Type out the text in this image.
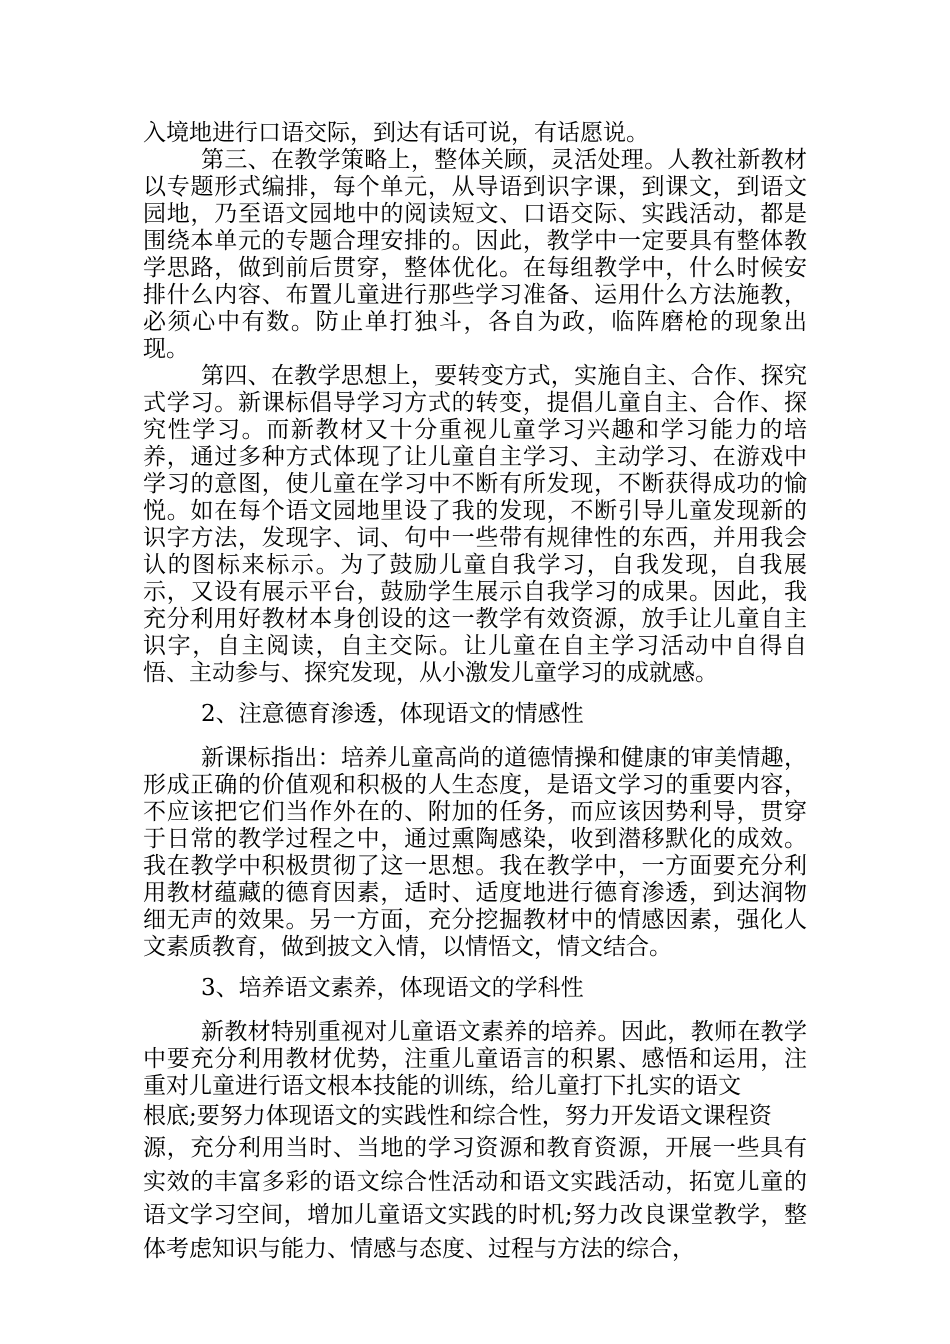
入境地进行口语交际，到达有话可说，有话愿说。

第三、在教学策略上，整体关顾，灵活处理。人教社新教材以专题形式编排，每个单元，从导语到识字课，到课文，到语文园地，乃至语文园地中的阅读短文、口语交际、实践活动，都是围绕本单元的专题合理安排的。因此，教学中一定要具有整体教学思路，做到前后贯穿，整体优化。在每组教学中，什么时候安排什么内容、布置儿童进行那些学习准备、运用什么方法施教，必须心中有数。防止单打独斗，各自为政，临阵磨枪的现象出现。

第四、在教学思想上，要转变方式，实施自主、合作、探究式学习。新课标倡导学习方式的转变，提倡儿童自主、合作、探究性学习。而新教材又十分重视儿童学习兴趣和学习能力的培养，通过多种方式体现了让儿童自主学习、主动学习、在游戏中学习的意图，使儿童在学习中不断有所发现，不断获得成功的愉悦。如在每个语文园地里设了我的发现，不断引导儿童发现新的识字方法，发现字、词、句中一些带有规律性的东西，并用我会认的图标来标示。为了鼓励儿童自我学习，自我发现，自我展示，又设有展示平台，鼓励学生展示自我学习的成果。因此，我充分利用好教材本身创设的这一教学有效资源，放手让儿童自主识字，自主阅读，自主交际。让儿童在自主学习活动中自得自悟、主动参与、探究发现，从小激发儿童学习的成就感。

2、注意德育渗透，体现语文的情感性

新课标指出：培养儿童高尚的道德情操和健康的审美情趣，形成正确的价值观和积极的人生态度，是语文学习的重要内容，不应该把它们当作外在的、附加的任务，而应该因势利导，贯穿于日常的教学过程之中，通过熏陶感染，收到潜移默化的成效。我在教学中积极贯彻了这一思想。我在教学中，一方面要充分利用教材蕴藏的德育因素，适时、适度地进行德育渗透，到达润物细无声的效果。另一方面，充分挖掘教材中的情感因素，强化人文素质教育，做到披文入情，以情悟文，情文结合。

3、培养语文素养，体现语文的学科性

新教材特别重视对儿童语文素养的培养。因此，教师在教学中要充分利用教材优势，注重儿童语言的积累、感悟和运用，注重对儿童进行语文根本技能的训练，给儿童打下扎实的语文

根底;要努力体现语文的实践性和综合性，努力开发语文课程资

源，充分利用当时、当地的学习资源和教育资源，开展一些具有实效的丰富多彩的语文综合性活动和语文实践活动，拓宽儿童的语文学习空间，增加儿童语文实践的时机;努力改良课堂教学，整体考虑知识与能力、情感与态度、过程与方法的综合，
